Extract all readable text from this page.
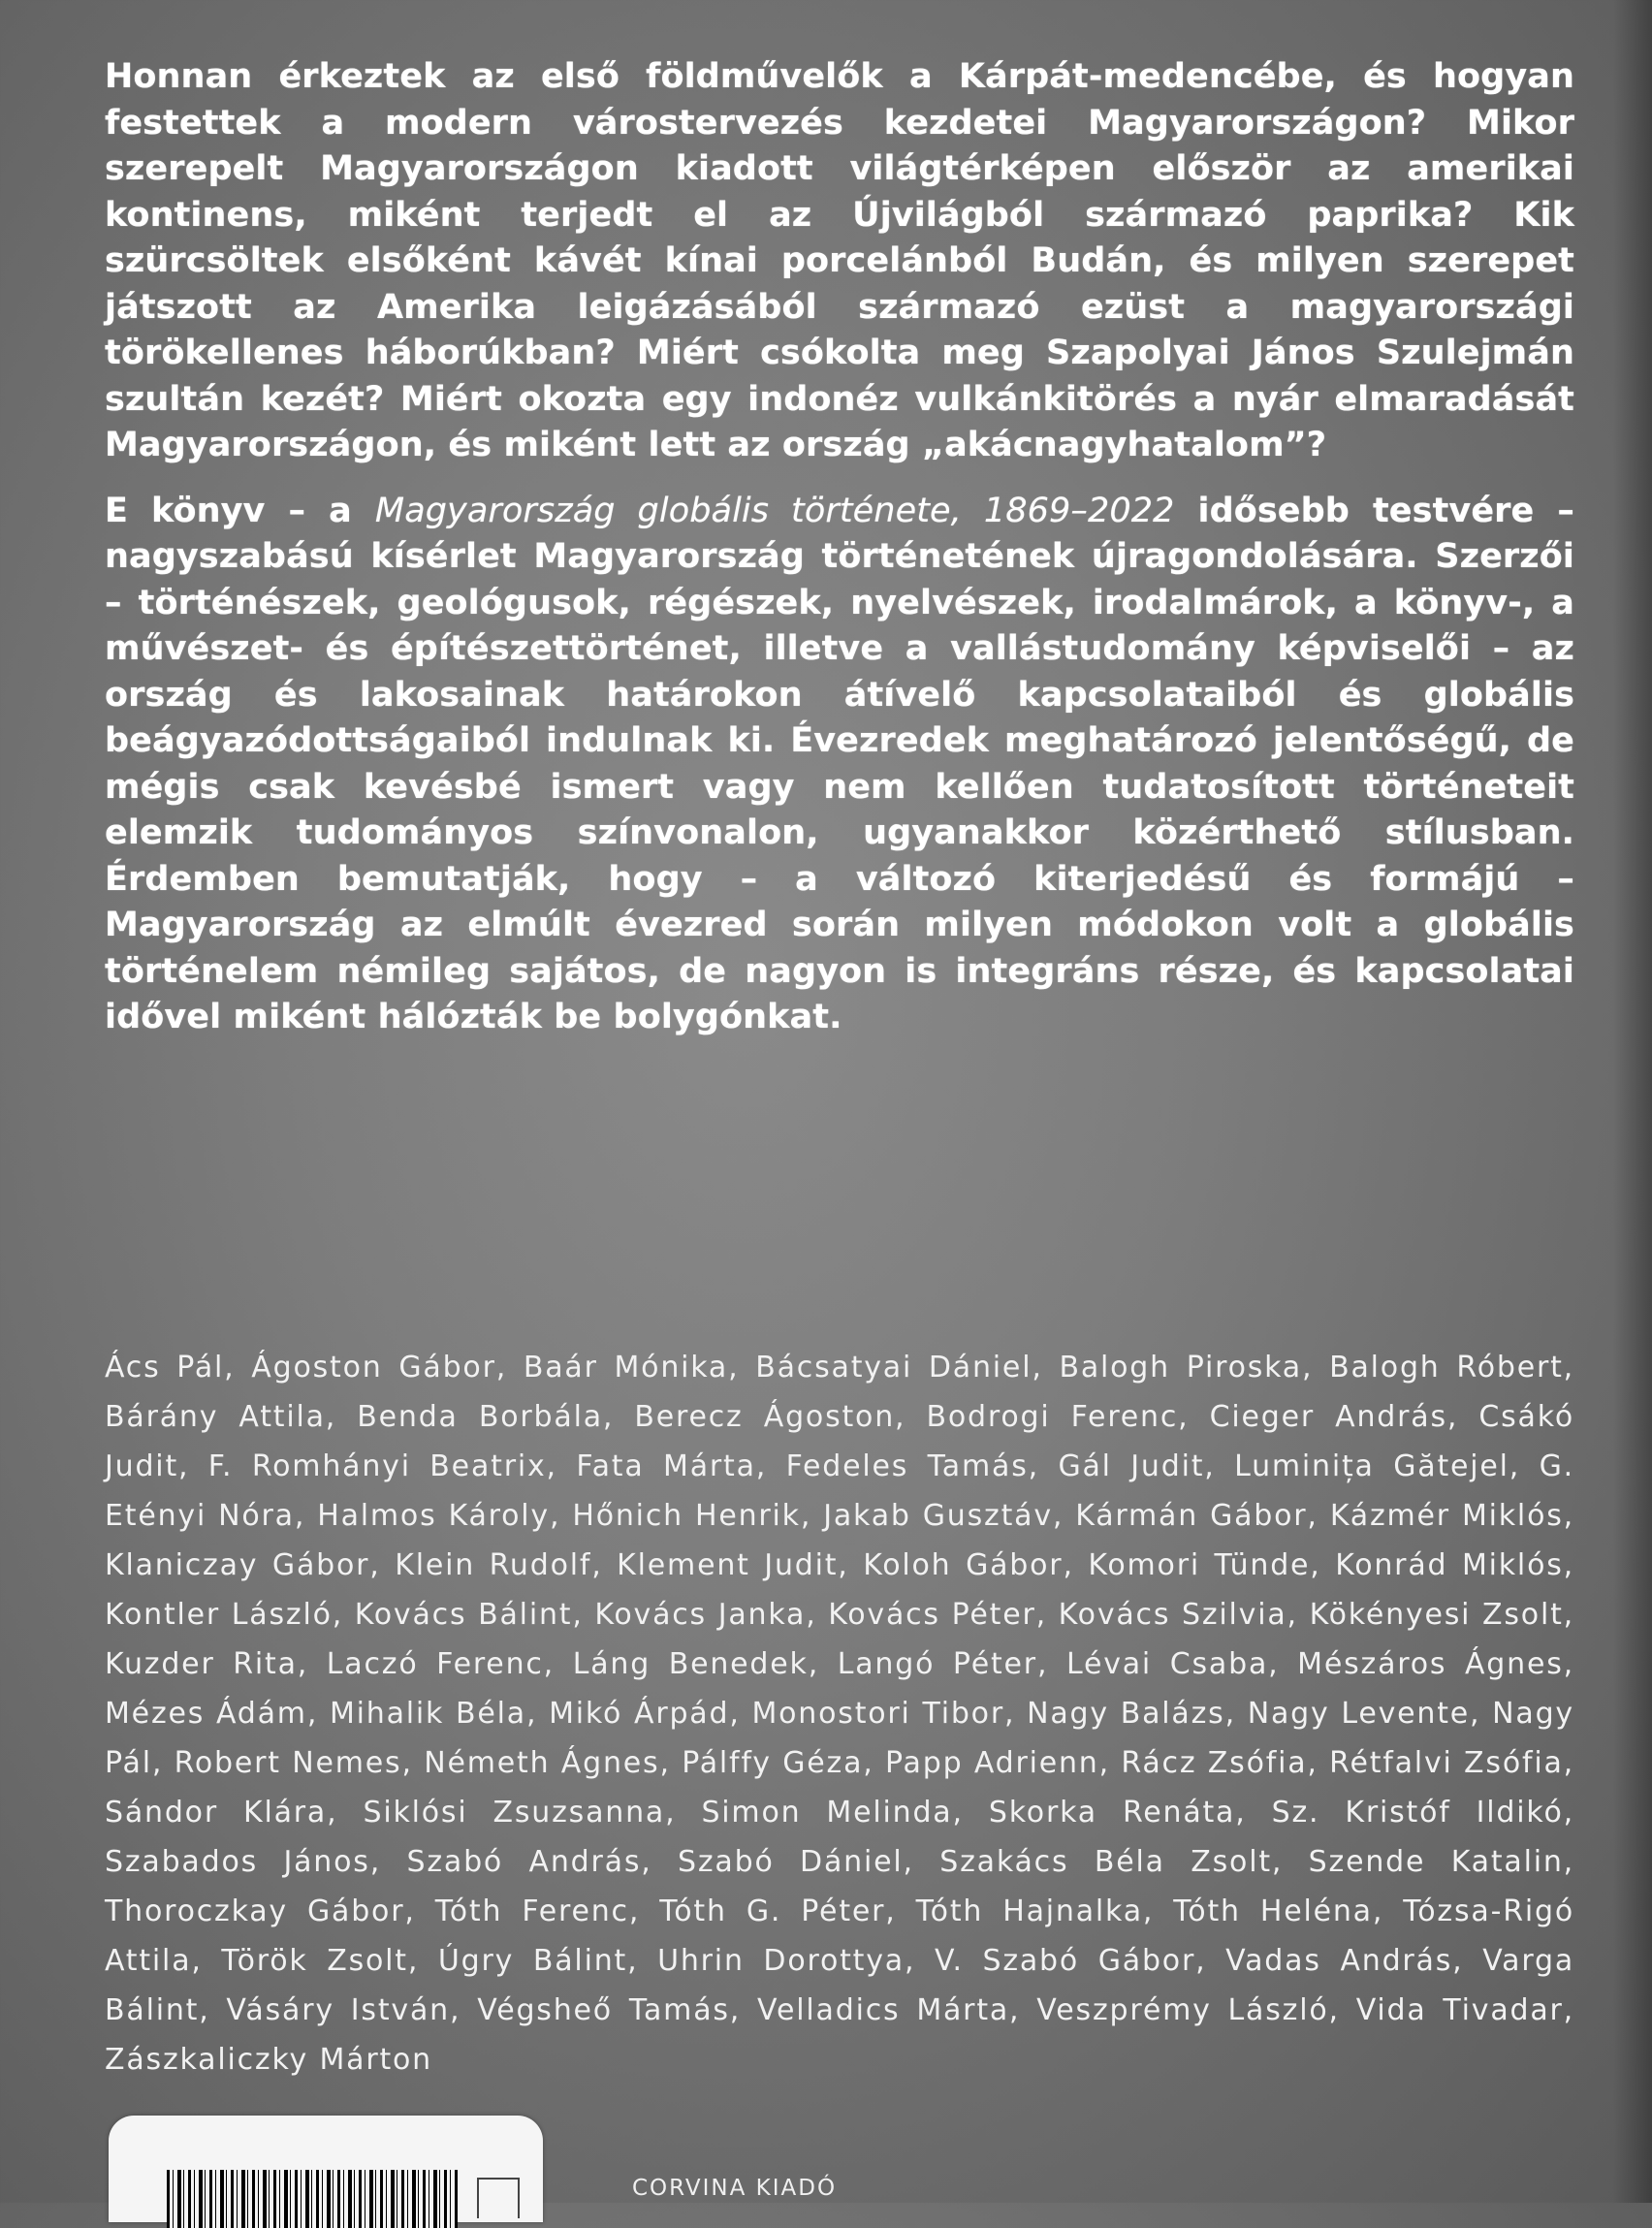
Honnan érkeztek az első földművelők a Kárpát-medencébe, és hogyan festettek a modern várostervezés kezdetei Magyarországon? Mikor szerepelt Magyarországon kiadott világtérképen először az amerikai kontinens, miként terjedt el az Újvilágból származó paprika? Kik szürcsöltek elsőként kávét kínai porcelánból Budán, és milyen szerepet játszott az Amerika leigázásából származó ezüst a magyarországi törökellenes háborúkban? Miért csókolta meg Szapolyai János Szulejmán szultán kezét? Miért okozta egy indonéz vulkánkitörés a nyár elmaradását Magyarországon, és miként lett az ország „akácnagyhatalom”?

E könyv – a Magyarország globális története, 1869–2022 idősebb testvére – nagyszabású kísérlet Magyarország történetének újragondolására. Szerzői – történészek, geológusok, régészek, nyelvészek, irodalmárok, a könyv-, a művészet- és építészettörténet, illetve a vallástudomány képviselői – az ország és lakosainak határokon átívelő kapcsolataiból és globális beágyazódottságaiból indulnak ki. Évezredek meghatározó jelentőségű, de mégis csak kevésbé ismert vagy nem kellően tudatosított történeteit elemzik tudományos színvonalon, ugyanakkor közérthető stílusban. Érdemben bemutatják, hogy – a változó kiterjedésű és formájú – Magyarország az elmúlt évezred során milyen módokon volt a globális történelem némileg sajátos, de nagyon is integráns része, és kapcsolatai idővel miként hálózták be bolygónkat.

Ács Pál, Ágoston Gábor, Baár Mónika, Bácsatyai Dániel, Balogh Piroska, Balogh Róbert, Bárány Attila, Benda Borbála, Berecz Ágoston, Bodrogi Ferenc, Cieger András, Csákó Judit, F. Romhányi Beatrix, Fata Márta, Fedeles Tamás, Gál Judit, Luminița Gătejel, G. Etényi Nóra, Halmos Károly, Hőnich Henrik, Jakab Gusztáv, Kármán Gábor, Kázmér Miklós, Klaniczay Gábor, Klein Rudolf, Klement Judit, Koloh Gábor, Komori Tünde, Konrád Miklós, Kontler László, Kovács Bálint, Kovács Janka, Kovács Péter, Kovács Szilvia, Kökényesi Zsolt, Kuzder Rita, Laczó Ferenc, Láng Benedek, Langó Péter, Lévai Csaba, Mészáros Ágnes, Mézes Ádám, Mihalik Béla, Mikó Árpád, Monostori Tibor, Nagy Balázs, Nagy Levente, Nagy Pál, Robert Nemes, Németh Ágnes, Pálffy Géza, Papp Adrienn, Rácz Zsófia, Rétfalvi Zsófia, Sándor Klára, Siklósi Zsuzsanna, Simon Melinda, Skorka Renáta, Sz. Kristóf Ildikó, Szabados János, Szabó András, Szabó Dániel, Szakács Béla Zsolt, Szende Katalin, Thoroczkay Gábor, Tóth Ferenc, Tóth G. Péter, Tóth Hajnalka, Tóth Heléna, Tózsa-Rigó Attila, Török Zsolt, Úgry Bálint, Uhrin Dorottya, V. Szabó Gábor, Vadas András, Varga Bálint, Vásáry István, Végsheő Tamás, Velladics Márta, Veszprémy László, Vida Tivadar, Zászkaliczky Márton
CORVINA KIADÓ
